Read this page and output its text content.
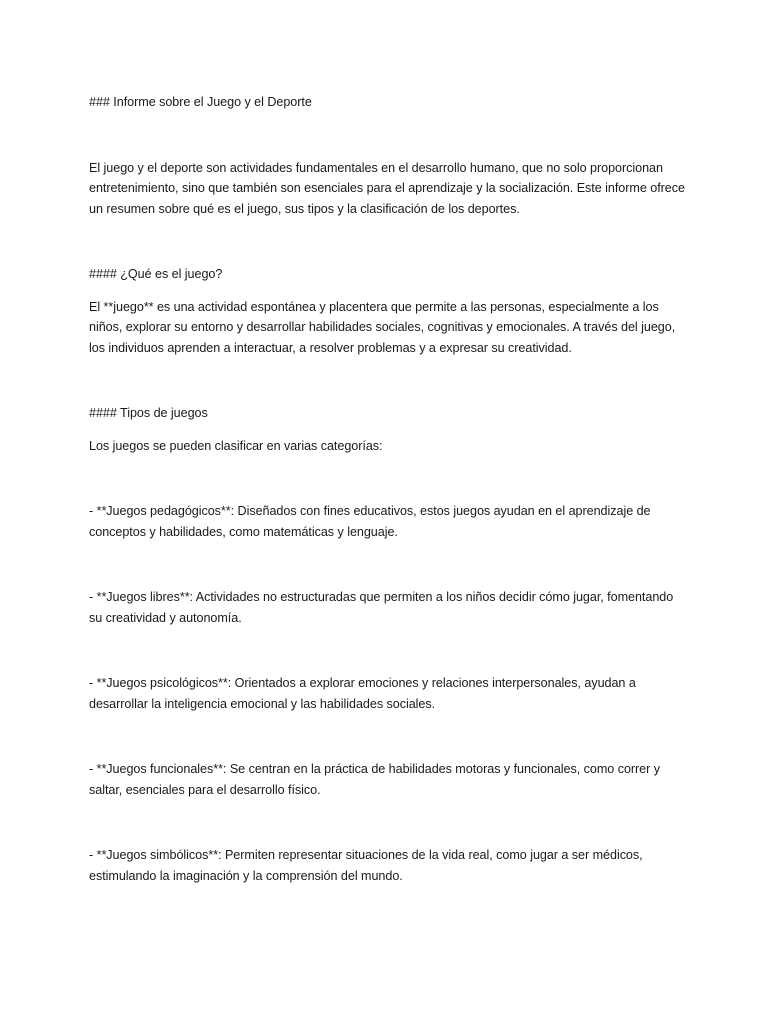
### Informe sobre el Juego y el Deporte

El juego y el deporte son actividades fundamentales en el desarrollo humano, que no solo proporcionan entretenimiento, sino que también son esenciales para el aprendizaje y la socialización. Este informe ofrece un resumen sobre qué es el juego, sus tipos y la clasificación de los deportes.

#### ¿Qué es el juego?

El **juego** es una actividad espontánea y placentera que permite a las personas, especialmente a los niños, explorar su entorno y desarrollar habilidades sociales, cognitivas y emocionales. A través del juego, los individuos aprenden a interactuar, a resolver problemas y a expresar su creatividad.

#### Tipos de juegos

Los juegos se pueden clasificar en varias categorías:

- **Juegos pedagógicos**: Diseñados con fines educativos, estos juegos ayudan en el aprendizaje de conceptos y habilidades, como matemáticas y lenguaje.

- **Juegos libres**: Actividades no estructuradas que permiten a los niños decidir cómo jugar, fomentando su creatividad y autonomía.

- **Juegos psicológicos**: Orientados a explorar emociones y relaciones interpersonales, ayudan a desarrollar la inteligencia emocional y las habilidades sociales.

- **Juegos funcionales**: Se centran en la práctica de habilidades motoras y funcionales, como correr y saltar, esenciales para el desarrollo físico.

- **Juegos simbólicos**: Permiten representar situaciones de la vida real, como jugar a ser médicos, estimulando la imaginación y la comprensión del mundo.
